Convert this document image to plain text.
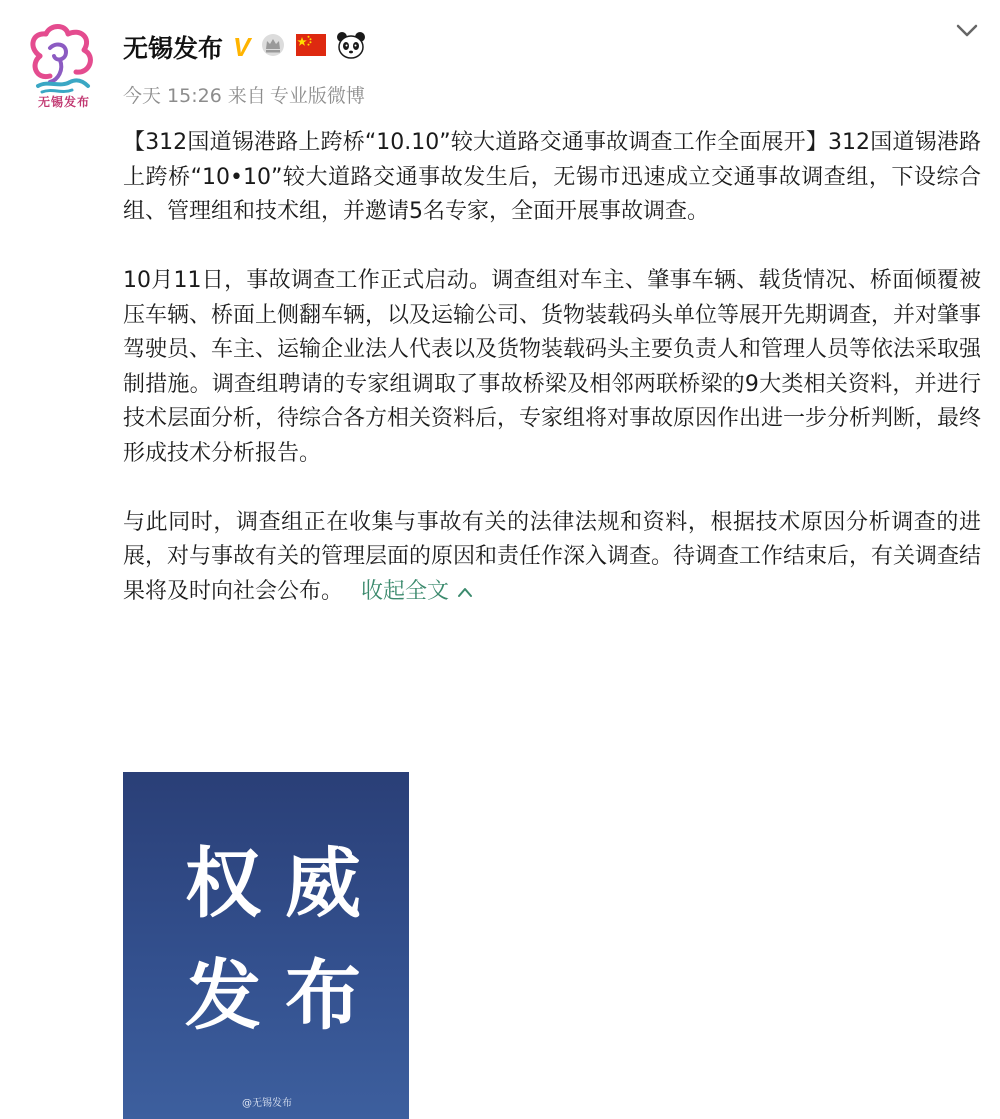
无锡发布
无锡发布 V
今天 15:26 来自 专业版微博

【312国道锡港路上跨桥“10.10”较大道路交通事故调查工作全面展开】312国道锡港路上跨桥“10•10”较大道路交通事故发生后，无锡市迅速成立交通事故调查组，下设综合组、管理组和技术组，并邀请5名专家，全面开展事故调查。

10月11日，事故调查工作正式启动。调查组对车主、肇事车辆、载货情况、桥面倾覆被压车辆、桥面上侧翻车辆，以及运输公司、货物装载码头单位等展开先期调查，并对肇事驾驶员、车主、运输企业法人代表以及货物装载码头主要负责人和管理人员等依法采取强制措施。调查组聘请的专家组调取了事故桥梁及相邻两联桥梁的9大类相关资料，并进行技术层面分析，待综合各方相关资料后，专家组将对事故原因作出进一步分析判断，最终形成技术分析报告。

与此同时，调查组正在收集与事故有关的法律法规和资料，根据技术原因分析调查的进展，对与事故有关的管理层面的原因和责任作深入调查。待调查工作结束后，有关调查结果将及时向社会公布。 收起全文

权 威
发 布
@无锡发布
